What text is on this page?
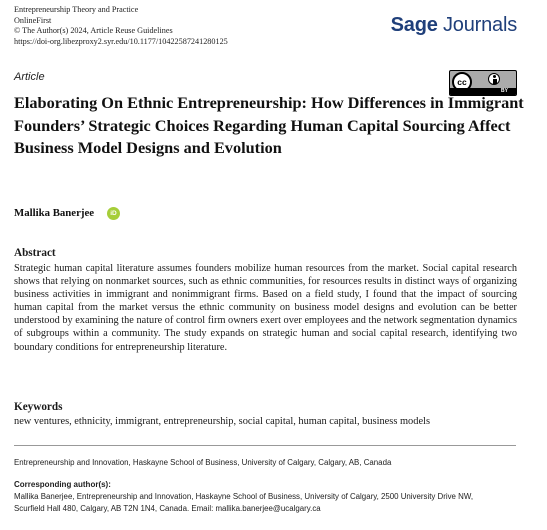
Entrepreneurship Theory and Practice
OnlineFirst
© The Author(s) 2024, Article Reuse Guidelines
https://doi-org.libezproxy2.syr.edu/10.1177/10422587241280125
Sage Journals
Article	cc
BY
Elaborating On Ethnic Entrepreneurship: How Differences in Immigrant Founders’ Strategic Choices Regarding Human Capital Sourcing Affect Business Model Designs and Evolution
Mallika Banerjee	iD
Abstract
Strategic human capital literature assumes founders mobilize human resources from the market. Social capital research shows that relying on nonmarket sources, such as ethnic communities, for resources results in distinct ways of organizing business activities in immigrant and nonimmigrant firms. Based on a field study, I found that the impact of sourcing human capital from the market versus the ethnic community on business model designs and evolution can be better understood by examining the nature of control firm owners exert over employees and the network segmentation dynamics of subgroups within a community. The study expands on strategic human and social capital research, identifying two boundary conditions for entrepreneurship literature.
Keywords
new ventures, ethnicity, immigrant, entrepreneurship, social capital, human capital, business models
Entrepreneurship and Innovation, Haskayne School of Business, University of Calgary, Calgary, AB, Canada
Corresponding author(s):
Mallika Banerjee, Entrepreneurship and Innovation, Haskayne School of Business, University of Calgary, 2500 University Drive NW,
Scurfield Hall 480, Calgary, AB T2N 1N4, Canada. Email: mallika.banerjee@ucalgary.ca
